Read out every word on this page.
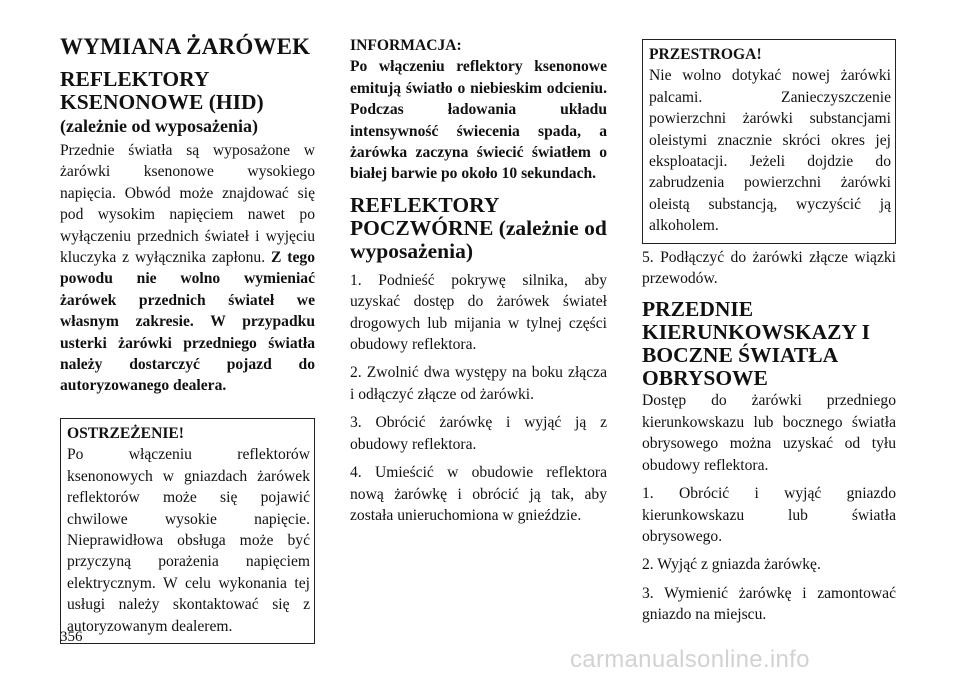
WYMIANA ŻARÓWEK
REFLEKTORY
KSENONOWE (HID)
(zależnie od wyposażenia)

Przednie światła są wyposażone w żarówki ksenonowe wysokiego napięcia. Obwód może znajdować się pod wysokim napięciem nawet po wyłączeniu przednich świateł i wyjęciu kluczyka z wyłącznika zapłonu. Z tego powodu nie wolno wymieniać żarówek przednich świateł we własnym zakresie. W przypadku usterki żarówki przedniego światła należy dostarczyć pojazd do autoryzowanego dealera.

OSTRZEŻENIE!

Po włączeniu reflektorów ksenonowych w gniazdach żarówek reflektorów może się pojawić chwilowe wysokie napięcie. Nieprawidłowa obsługa może być przyczyną porażenia napięciem elektrycznym. W celu wykonania tej usługi należy skontaktować się z autoryzowanym dealerem.

INFORMACJA:

Po włączeniu reflektory ksenonowe emitują światło o niebieskim odcieniu. Podczas ładowania układu intensywność świecenia spada, a żarówka zaczyna świecić światłem o białej barwie po około 10 sekundach.

REFLEKTORY
POCZWÓRNE (zależnie od
wyposażenia)

1. Podnieść pokrywę silnika, aby uzyskać dostęp do żarówek świateł drogowych lub mijania w tylnej części obudowy reflektora.

2. Zwolnić dwa występy na boku złącza i odłączyć złącze od żarówki.

3. Obrócić żarówkę i wyjąć ją z obudowy reflektora.

4. Umieścić w obudowie reflektora nową żarówkę i obrócić ją tak, aby została unieruchomiona w gnieździe.

PRZESTROGA!

Nie wolno dotykać nowej żarówki palcami. Zanieczyszczenie powierzchni żarówki substancjami oleistymi znacznie skróci okres jej eksploatacji. Jeżeli dojdzie do zabrudzenia powierzchni żarówki oleistą substancją, wyczyścić ją alkoholem.

5. Podłączyć do żarówki złącze wiązki przewodów.

PRZEDNIE
KIERUNKOWSKAZY I
BOCZNE ŚWIATŁA
OBRYSOWE

Dostęp do żarówki przedniego kierunkowskazu lub bocznego światła obrysowego można uzyskać od tyłu obudowy reflektora.

1. Obrócić i wyjąć gniazdo kierunkowskazu lub światła obrysowego.

2. Wyjąć z gniazda żarówkę.

3. Wymienić żarówkę i zamontować gniazdo na miejscu.

356
carmanualsonline.info
